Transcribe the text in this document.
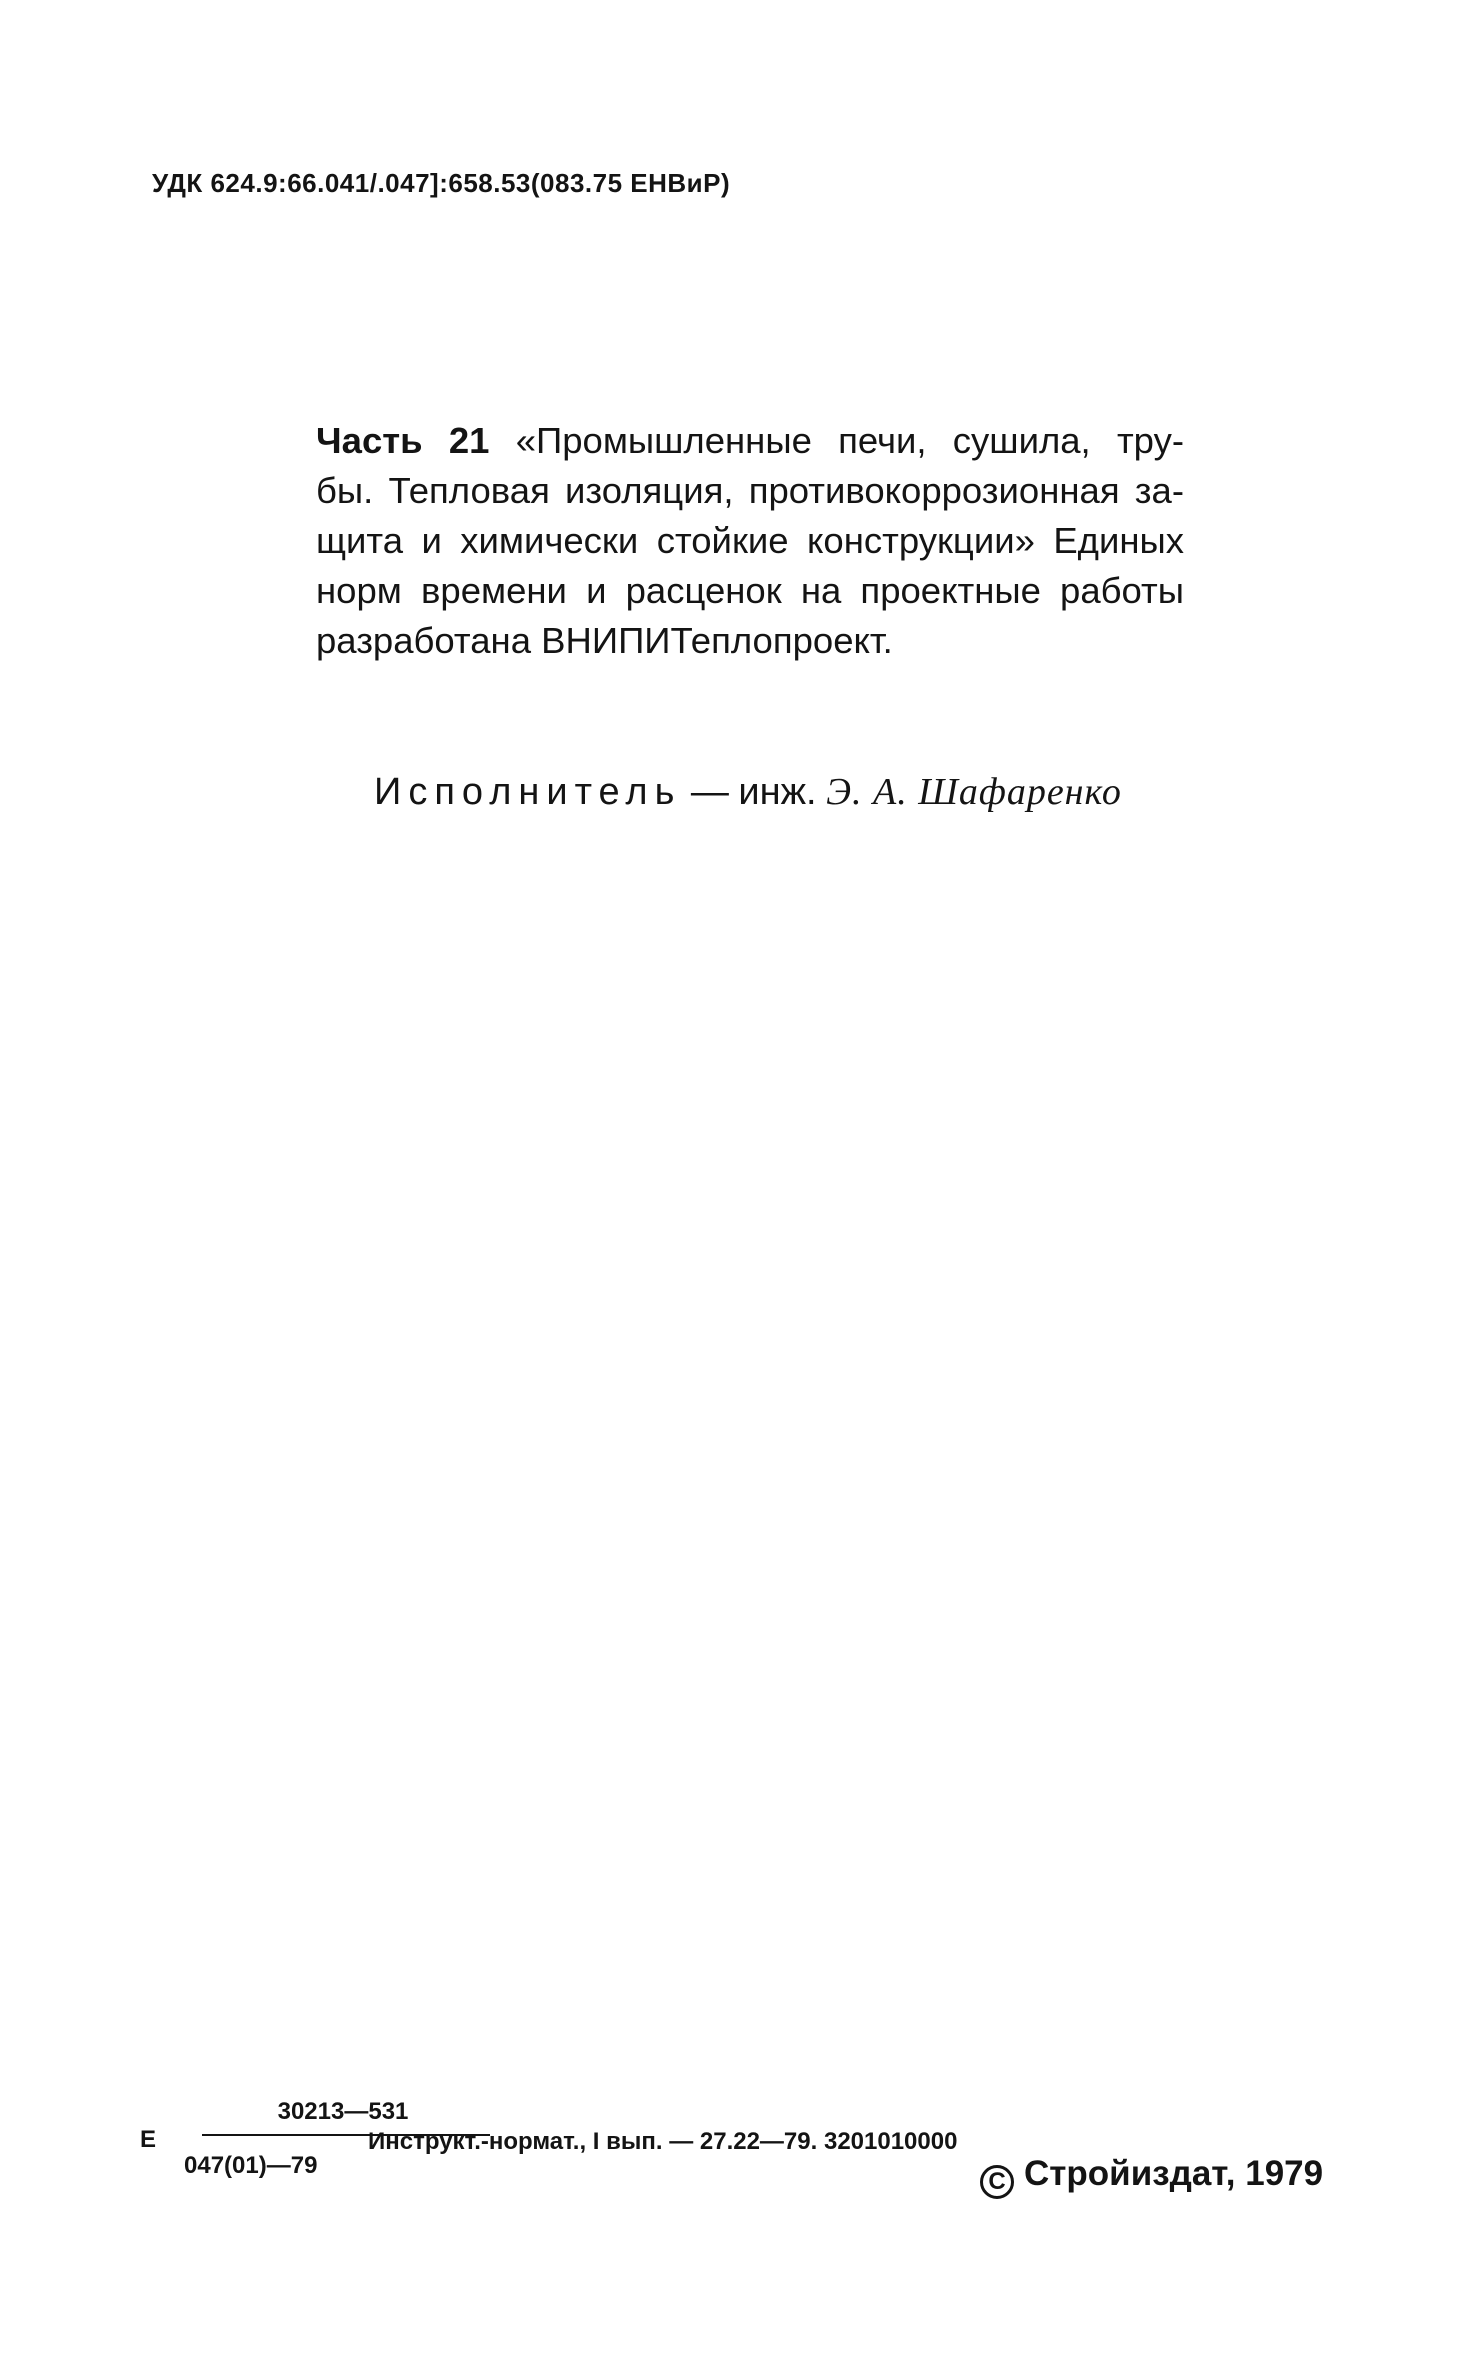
УДК 624.9:66.041/.047]:658.53(083.75 ЕНВиР)
Часть 21 «Промышленные печи, сушила, тру-
бы. Тепловая изоляция, противокоррозионная за-
щита и химически стойкие конструкции» Единых
норм времени и расценок на проектные работы
разработана ВНИПИТеплопроект.
Исполнитель — инж. Э. А. Шафаренко
Е
30213—531
047(01)—79
Инструкт.-нормат., I вып. — 27.22—79. 3201010000
C Стройиздат, 1979
